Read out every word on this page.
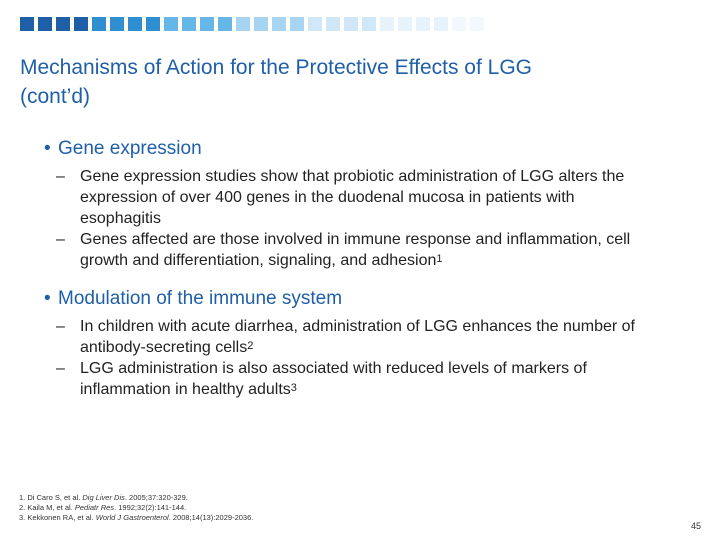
Mechanisms of Action for the Protective Effects of LGG (cont’d)
• Gene expression
– Gene expression studies show that probiotic administration of LGG alters the expression of over 400 genes in the duodenal mucosa in patients with esophagitis
– Genes affected are those involved in immune response and inflammation, cell growth and differentiation, signaling, and adhesion$^1$
• Modulation of the immune system
– In children with acute diarrhea, administration of LGG enhances the number of antibody-secreting cells$^2$
– LGG administration is also associated with reduced levels of markers of inflammation in healthy adults$^3$
1. Di Caro S, et al. Dig Liver Dis. 2005;37:320-329.
2. Kaila M, et al. Pediatr Res. 1992;32(2):141-144.
3. Kekkonen RA, et al. World J Gastroenterol. 2008;14(13):2029-2036.
45
